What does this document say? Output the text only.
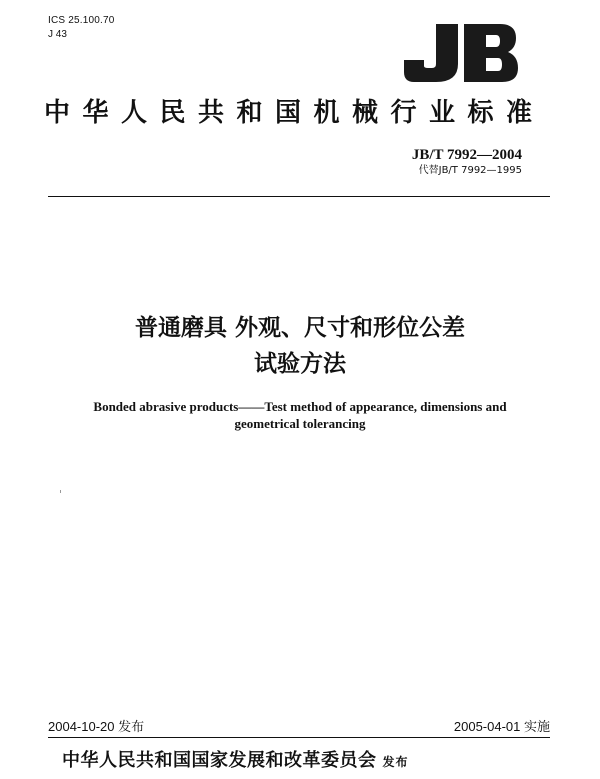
ICS 25.100.70
J 43
中华人民共和国机械行业标准
JB/T 7992—2004
代替JB/T 7992—1995
普通磨具 外观、尺寸和形位公差
试验方法
Bonded abrasive products——Test method of appearance, dimensions and
geometrical tolerancing
2004-10-20 发布	2005-04-01 实施
中华人民共和国国家发展和改革委员会 发布
